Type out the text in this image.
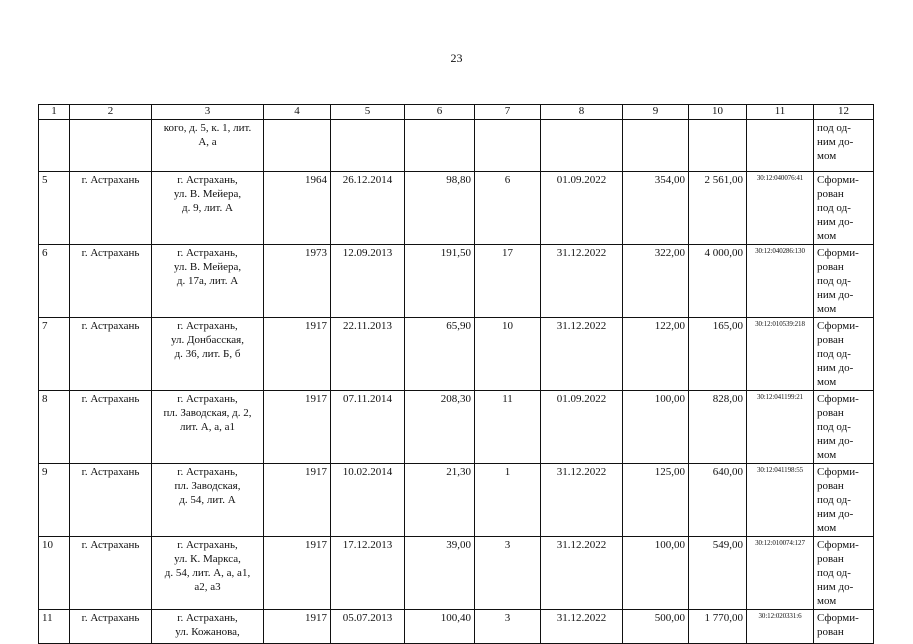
23
1	2	3	4	5	6	7	8	9	10	11	12
		кого, д. 5, к. 1, лит.
А, а									под од-
ним до-
мом
5	г. Астрахань	г. Астрахань,
ул. В. Мейера,
д. 9, лит. А	1964	26.12.2014	98,80	6	01.09.2022	354,00	2 561,00	30:12:040076:41	Сформи-
рован
под од-
ним до-
мом
6	г. Астрахань	г. Астрахань,
ул. В. Мейера,
д. 17а, лит. А	1973	12.09.2013	191,50	17	31.12.2022	322,00	4 000,00	30:12:040286:130	Сформи-
рован
под од-
ним до-
мом
7	г. Астрахань	г. Астрахань,
ул. Донбасская,
д. 36, лит. Б, б	1917	22.11.2013	65,90	10	31.12.2022	122,00	165,00	30:12:010539:218	Сформи-
рован
под од-
ним до-
мом
8	г. Астрахань	г. Астрахань,
пл. Заводская, д. 2,
лит. А, а, а1	1917	07.11.2014	208,30	11	01.09.2022	100,00	828,00	30:12:041199:21	Сформи-
рован
под од-
ним до-
мом
9	г. Астрахань	г. Астрахань,
пл. Заводская,
д. 54, лит. А	1917	10.02.2014	21,30	1	31.12.2022	125,00	640,00	30:12:041198:55	Сформи-
рован
под од-
ним до-
мом
10	г. Астрахань	г. Астрахань,
ул. К. Маркса,
д. 54, лит. А, а, а1,
а2, а3	1917	17.12.2013	39,00	3	31.12.2022	100,00	549,00	30:12:010074:127	Сформи-
рован
под од-
ним до-
мом
11	г. Астрахань	г. Астрахань,
ул. Кожанова,	1917	05.07.2013	100,40	3	31.12.2022	500,00	1 770,00	30:12:020331:6	Сформи-
рован
